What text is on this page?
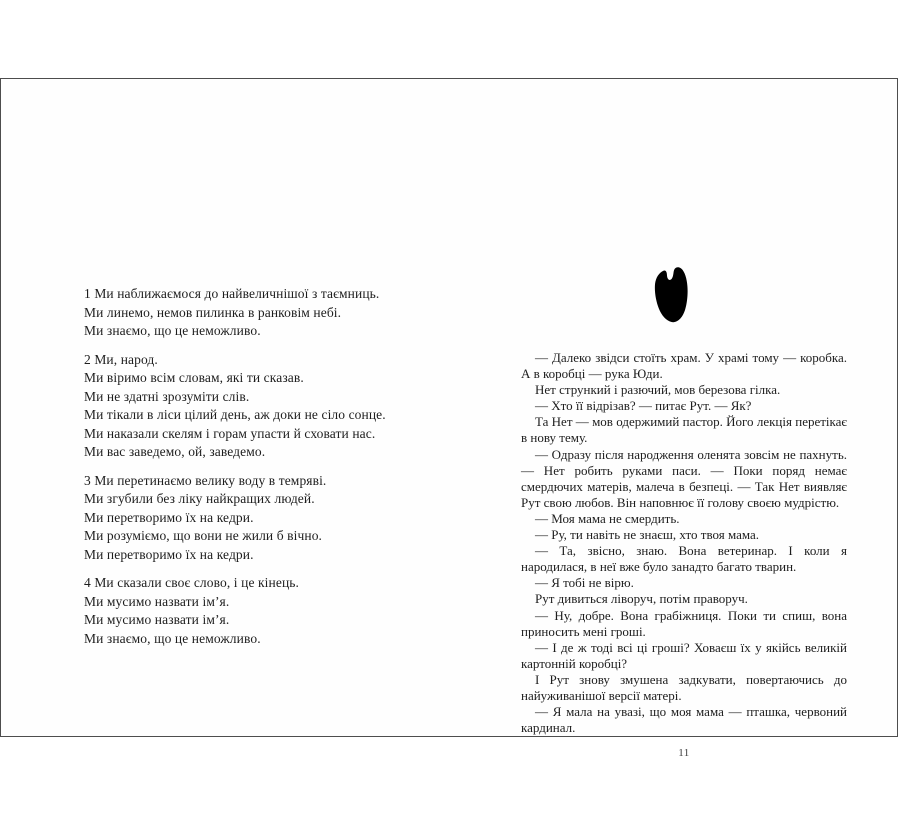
1 Ми наближаємося до найвеличнішої з таємниць.
Ми линемо, немов пилинка в ранковім небі.
Ми знаємо, що це неможливо.
2 Ми, народ.
Ми віримо всім словам, які ти сказав.
Ми не здатні зрозуміти слів.
Ми тікали в ліси цілий день, аж доки не сіло сонце.
Ми наказали скелям і горам упасти й сховати нас.
Ми вас заведемо, ой, заведемо.
3 Ми перетинаємо велику воду в темряві.
Ми згубили без ліку найкращих людей.
Ми перетворимо їх на кедри.
Ми розуміємо, що вони не жили б вічно.
Ми перетворимо їх на кедри.
4 Ми сказали своє слово, і це кінець.
Ми мусимо назвати ім’я.
Ми мусимо назвати ім’я.
Ми знаємо, що це неможливо.

— Далеко звідси стоїть храм. У храмі тому — коробка. А в коробці — рука Юди.

Нет стрункий і разючий, мов березова гілка.

— Хто її відрізав? — питає Рут. — Як?

Та Нет — мов одержимий пастор. Його лекція перетікає в нову тему.

— Одразу після народження оленята зовсім не пахнуть. — Нет робить руками паси. — Поки поряд немає смердючих матерів, малеча в безпеці. — Так Нет виявляє Рут свою любов. Він наповнює її голову своєю мудрістю.

— Моя мама не смердить.

— Ру, ти навіть не знаєш, хто твоя мама.

— Та, звісно, знаю. Вона ветеринар. І коли я народилася, в неї вже було занадто багато тварин.

— Я тобі не вірю.

Рут дивиться ліворуч, потім праворуч.

— Ну, добре. Вона грабіжниця. Поки ти спиш, вона приносить мені гроші.

— І де ж тоді всі ці гроші? Ховаєш їх у якійсь великій картонній коробці?

І Рут знову змушена задкувати, повертаючись до найуживанішої версії матері.

— Я мала на увазі, що моя мама — пташка, червоний кардинал.

11
